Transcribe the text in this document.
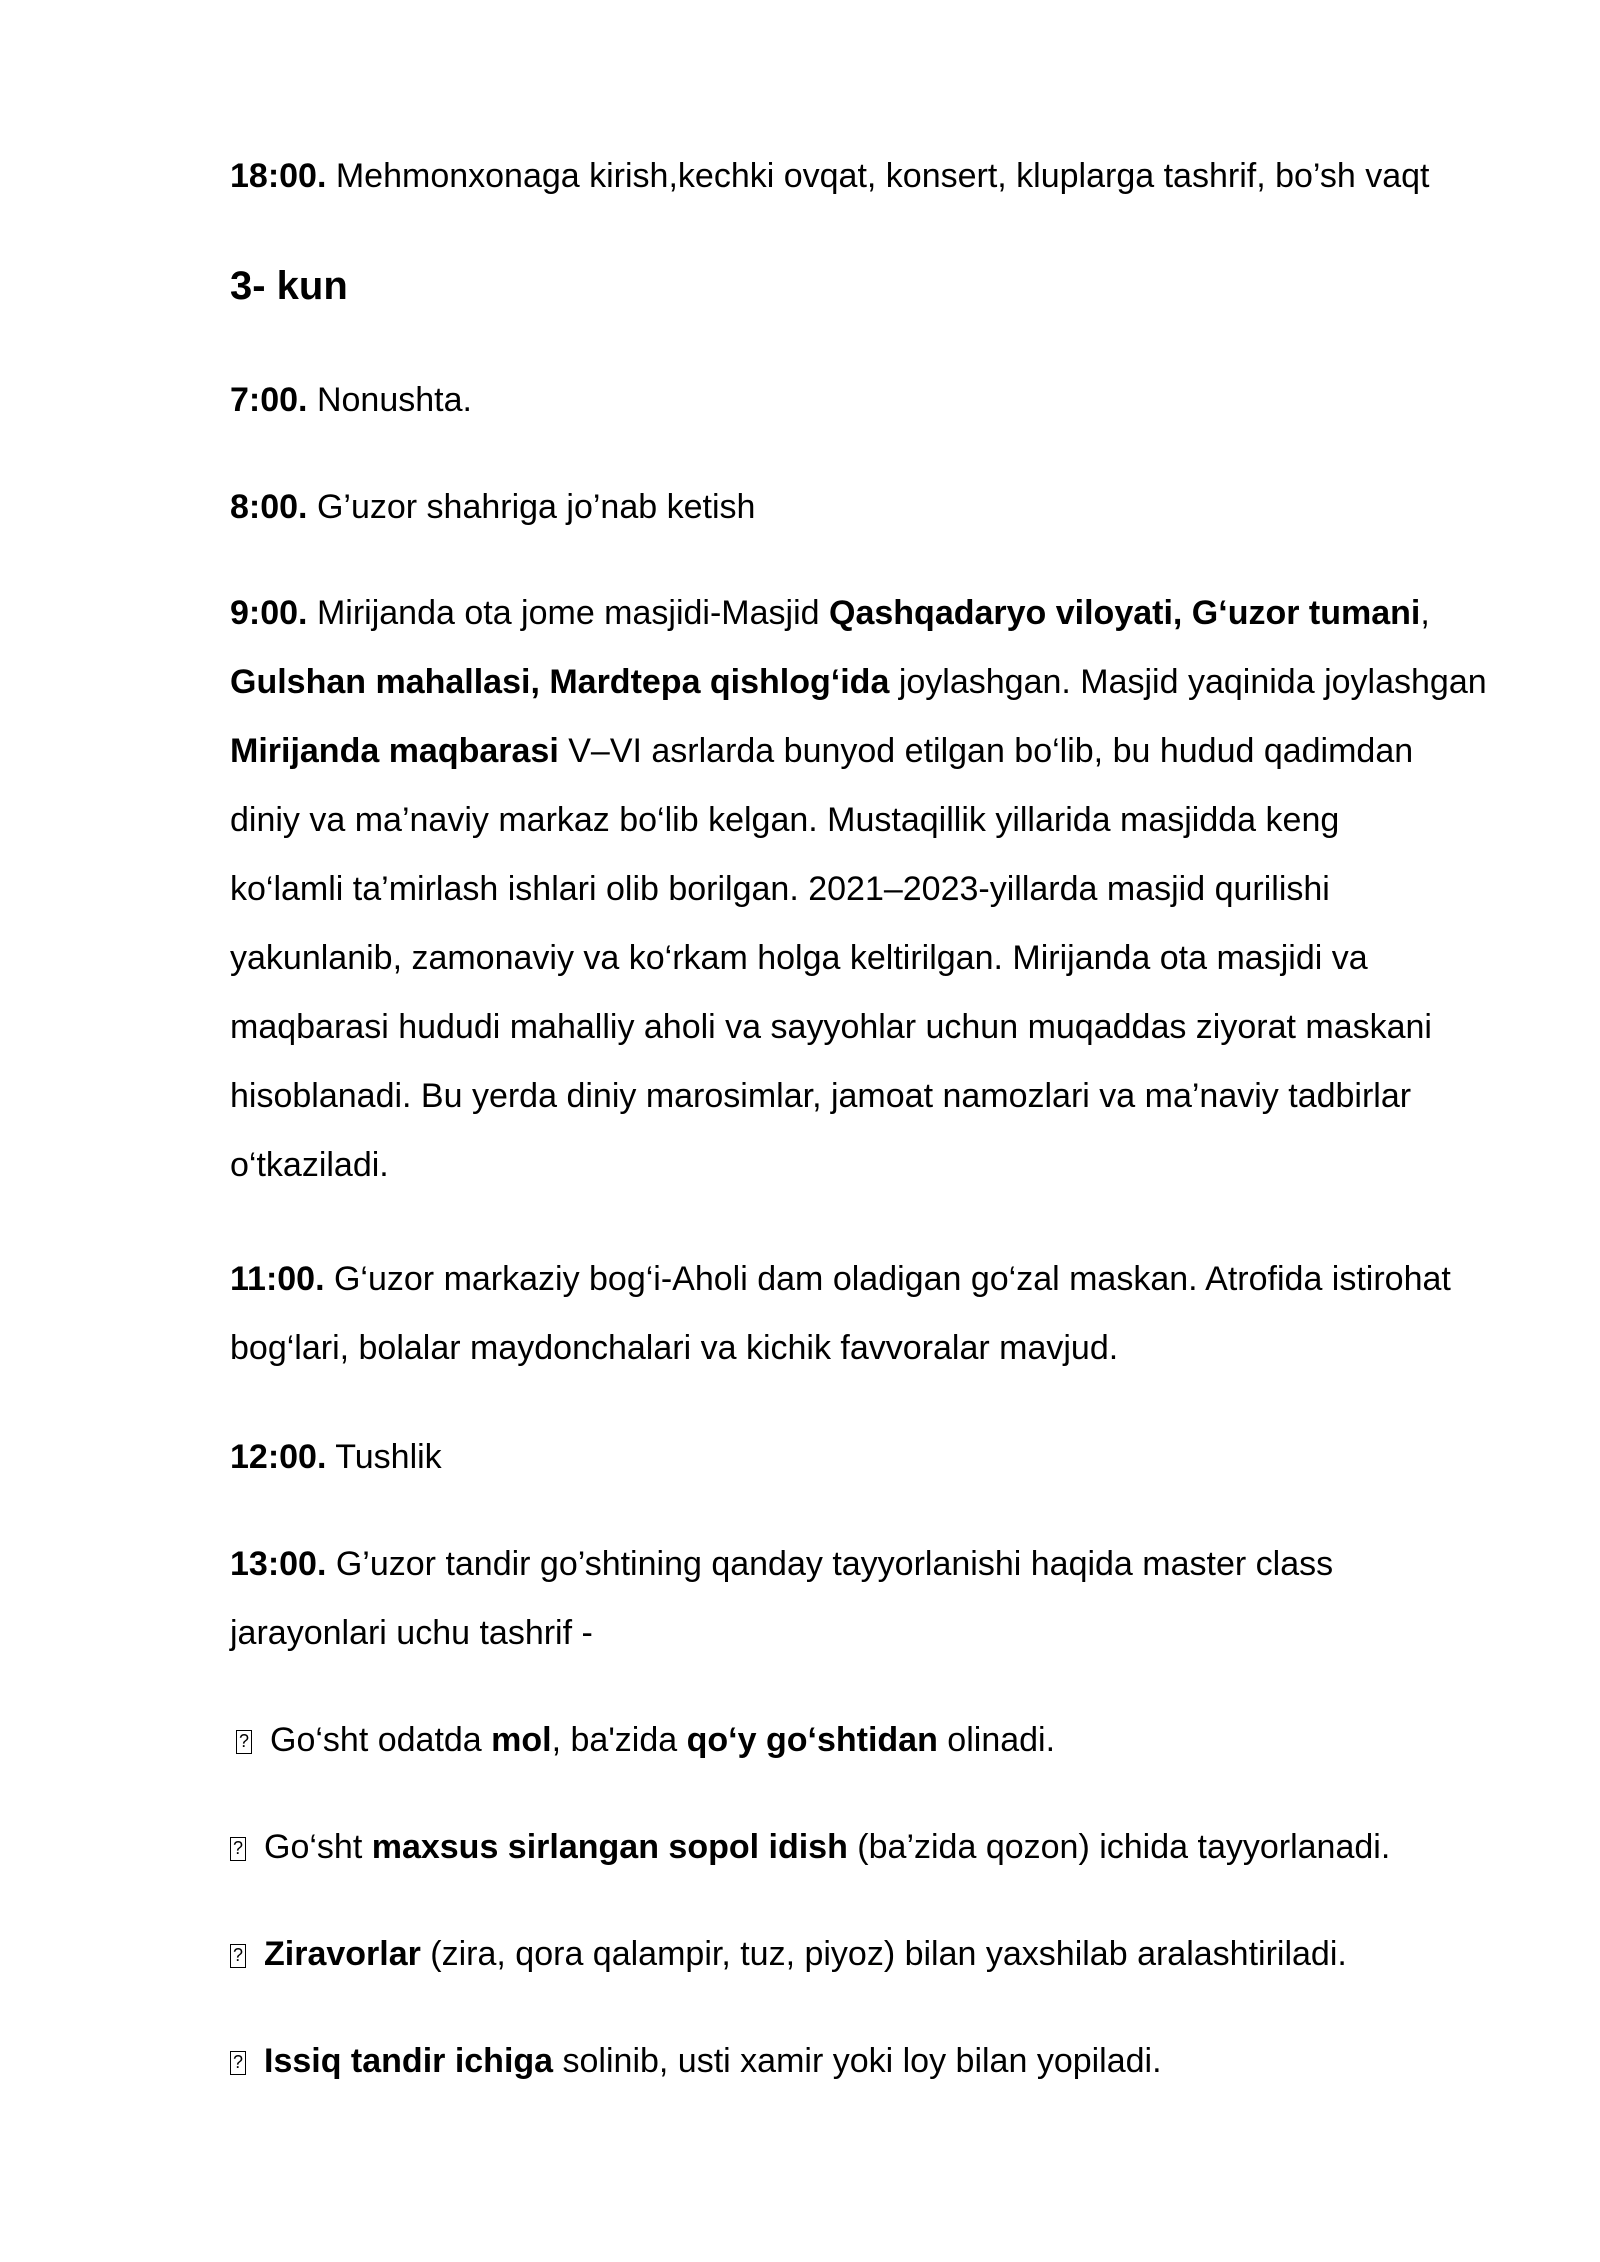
18:00. Mehmonxonaga kirish,kechki ovqat, konsert, kluplarga tashrif, bo’sh vaqt
3- kun
7:00. Nonushta.
8:00. G’uzor shahriga jo’nab ketish
9:00. Mirijanda ota jome masjidi-Masjid Qashqadaryo viloyati, G‘uzor tumani,
Gulshan mahallasi, Mardtepa qishlog‘ida joylashgan. Masjid yaqinida joylashgan
Mirijanda maqbarasi V–VI asrlarda bunyod etilgan bo‘lib, bu hudud qadimdan
diniy va ma’naviy markaz bo‘lib kelgan. Mustaqillik yillarida masjidda keng
ko‘lamli ta’mirlash ishlari olib borilgan. 2021–2023-yillarda masjid qurilishi
yakunlanib, zamonaviy va ko‘rkam holga keltirilgan. Mirijanda ota masjidi va
maqbarasi hududi mahalliy aholi va sayyohlar uchun muqaddas ziyorat maskani
hisoblanadi. Bu yerda diniy marosimlar, jamoat namozlari va ma’naviy tadbirlar
o‘tkaziladi.
11:00. G‘uzor markaziy bog‘i-Aholi dam oladigan go‘zal maskan. Atrofida istirohat
bog‘lari, bolalar maydonchalari va kichik favvoralar mavjud.
12:00. Tushlik
13:00. G’uzor tandir go’shtining qanday tayyorlanishi haqida master class
jarayonlari uchu tashrif -
?Go‘sht odatda mol, ba'zida qo‘y go‘shtidan olinadi.
?Go‘sht maxsus sirlangan sopol idish (ba’zida qozon) ichida tayyorlanadi.
?Ziravorlar (zira, qora qalampir, tuz, piyoz) bilan yaxshilab aralashtiriladi.
?Issiq tandir ichiga solinib, usti xamir yoki loy bilan yopiladi.
